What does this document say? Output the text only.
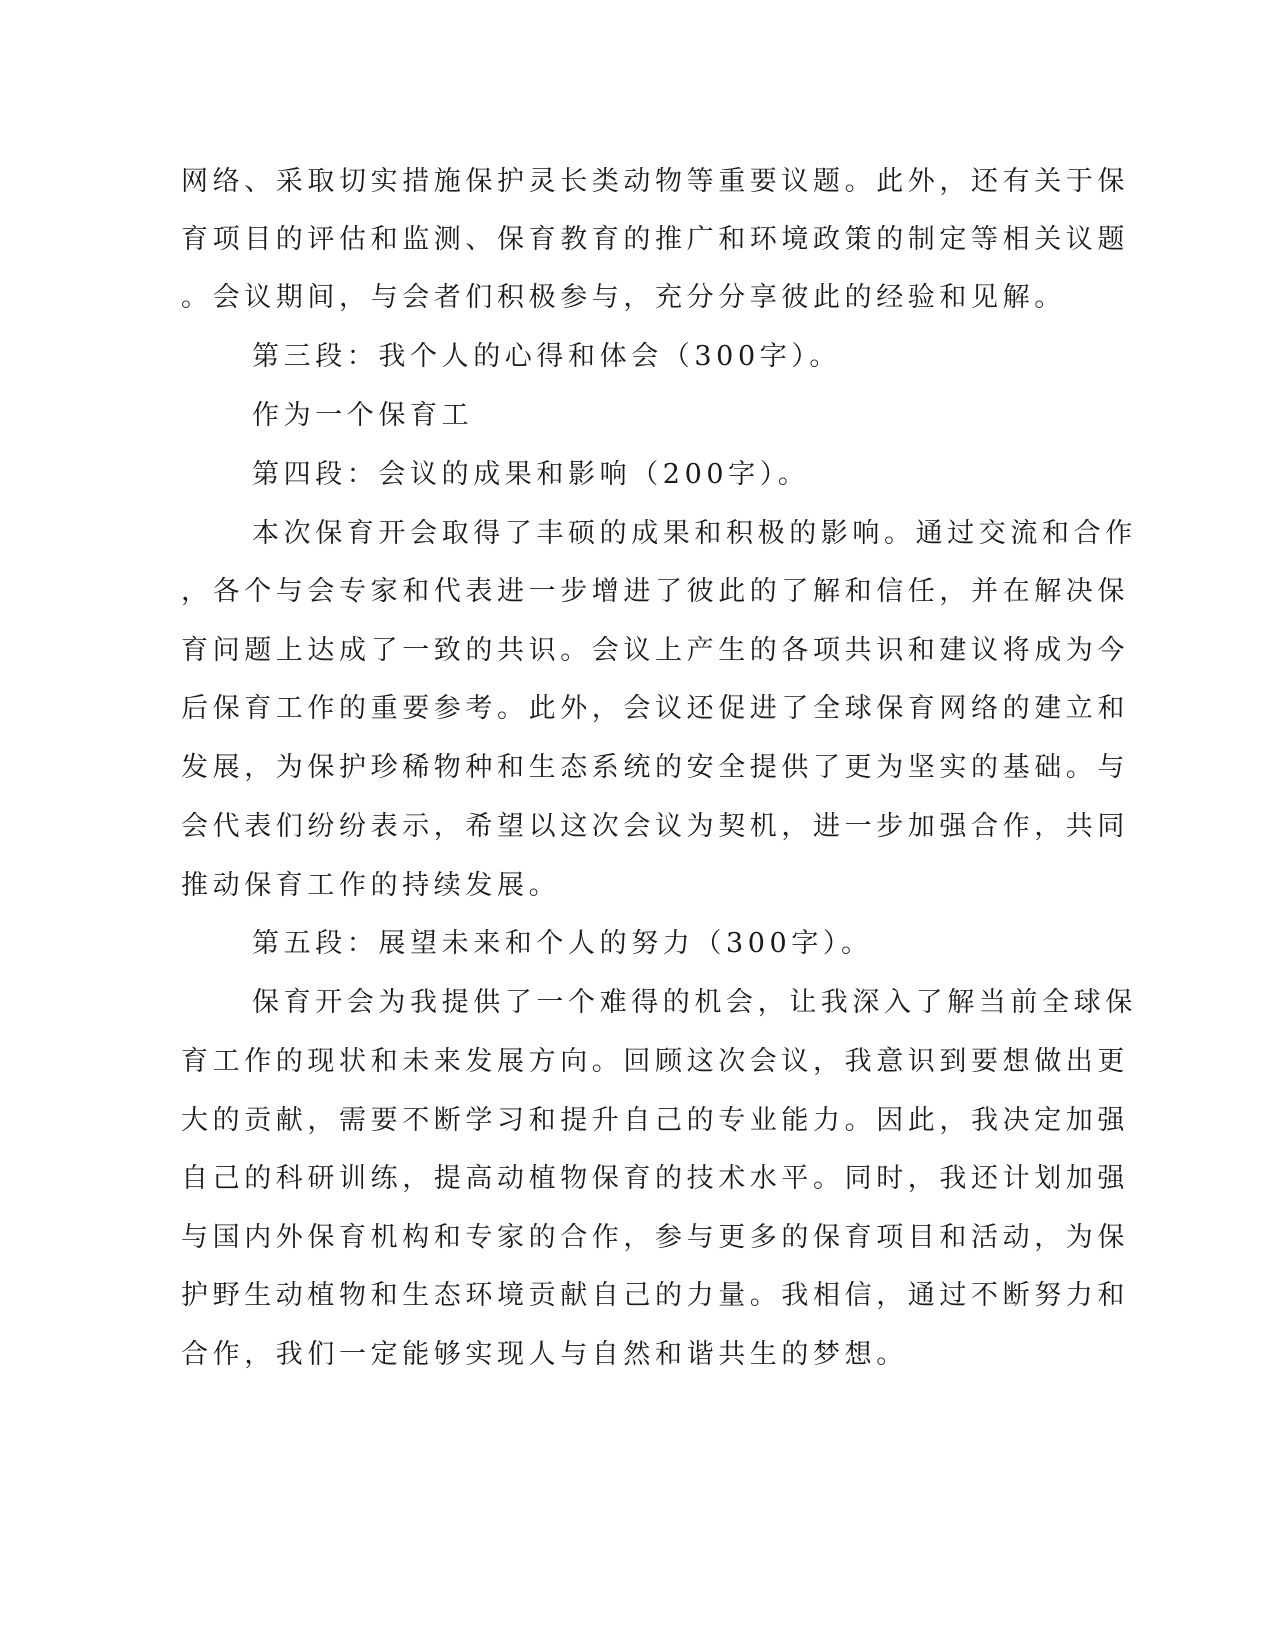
网络、采取切实措施保护灵长类动物等重要议题。此外，还有关于保
育项目的评估和监测、保育教育的推广和环境政策的制定等相关议题
。会议期间，与会者们积极参与，充分分享彼此的经验和见解。
第三段：我个人的心得和体会（300字）。
作为一个保育工
第四段：会议的成果和影响（200字）。
本次保育开会取得了丰硕的成果和积极的影响。通过交流和合作
，各个与会专家和代表进一步增进了彼此的了解和信任，并在解决保
育问题上达成了一致的共识。会议上产生的各项共识和建议将成为今
后保育工作的重要参考。此外，会议还促进了全球保育网络的建立和
发展，为保护珍稀物种和生态系统的安全提供了更为坚实的基础。与
会代表们纷纷表示，希望以这次会议为契机，进一步加强合作，共同
推动保育工作的持续发展。
第五段：展望未来和个人的努力（300字）。
保育开会为我提供了一个难得的机会，让我深入了解当前全球保
育工作的现状和未来发展方向。回顾这次会议，我意识到要想做出更
大的贡献，需要不断学习和提升自己的专业能力。因此，我决定加强
自己的科研训练，提高动植物保育的技术水平。同时，我还计划加强
与国内外保育机构和专家的合作，参与更多的保育项目和活动，为保
护野生动植物和生态环境贡献自己的力量。我相信，通过不断努力和
合作，我们一定能够实现人与自然和谐共生的梦想。
